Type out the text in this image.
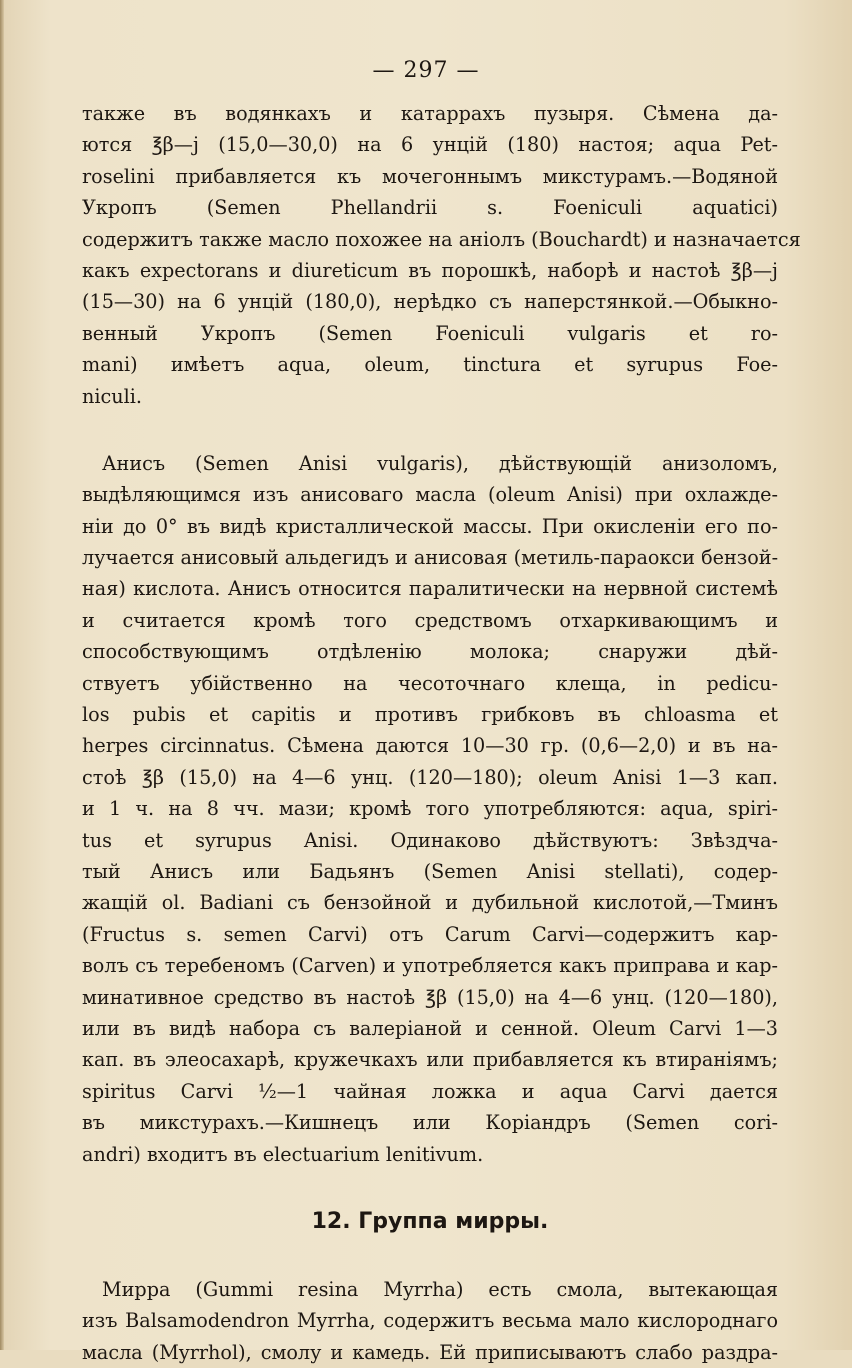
— 297 —
также въ водянкахъ и катаррахъ пузыря. Сѣмена да-
ются ℥β—j (15,0—30,0) на 6 унцій (180) настоя; aqua Pet-
roselini прибавляется къ мочегоннымъ микстурамъ.—Водяной
Укропъ (Semen Phellandrii s. Foeniculi aquatici)
содержитъ также масло похожее на аніолъ (Bouchardt) и назначается
какъ expectorans и diureticum въ порошкѣ, наборѣ и настоѣ ℥β—j
(15—30) на 6 унцій (180,0), нерѣдко съ наперстянкой.—Обыкно-
венный Укропъ (Semen Foeniculi vulgaris et ro-
mani) имѣетъ aqua, oleum, tinctura et syrupus Foe-
niculi.
Анисъ (Semen Anisi vulgaris), дѣйствующій анизоломъ,
выдѣляющимся изъ анисоваго масла (oleum Anisi) при охлажде-
ніи до 0° въ видѣ кристаллической массы. При окисленіи его по-
лучается анисовый альдегидъ и анисовая (метиль-параокси бензой-
ная) кислота. Анисъ относится паралитически на нервной системѣ
и считается кромѣ того средствомъ отхаркивающимъ и
способствующимъ отдѣленію молока; снаружи дѣй-
ствуетъ убійственно на чесоточнаго клеща, in pedicu-
los pubis et capitis и противъ грибковъ въ chloasma et
herpes circinnatus. Сѣмена даются 10—30 гр. (0,6—2,0) и въ на-
стоѣ ℥β (15,0) на 4—6 унц. (120—180); oleum Anisi 1—3 кап.
и 1 ч. на 8 чч. мази; кромѣ того употребляются: aqua, spiri-
tus et syrupus Anisi. Одинаково дѣйствуютъ: Звѣздча-
тый Анисъ или Бадьянъ (Semen Anisi stellati), содер-
жащій ol. Badiani съ бензойной и дубильной кислотой,—Тминъ
(Fructus s. semen Carvi) отъ Carum Carvi—содержитъ кар-
волъ съ теребеномъ (Carven) и употребляется какъ приправа и кар-
минативное средство въ настоѣ ℥β (15,0) на 4—6 унц. (120—180),
или въ видѣ набора съ валеріаной и сенной. Oleum Carvi 1—3
кап. въ элеосахарѣ, кружечкахъ или прибавляется къ втираніямъ;
spiritus Carvi ½—1 чайная ложка и aqua Carvi дается
въ микстурахъ.—Кишнецъ или Коріандръ (Semen cori-
andri) входитъ въ electuarium lenitivum.
12. Группа мирры.
Мирра (Gummi resina Myrrha) есть смола, вытекающая
изъ Balsamodendron Myrrha, содержитъ весьма мало кислороднаго
масла (Myrrhol), смолу и камедь. Ей приписываютъ слабо раздра-
